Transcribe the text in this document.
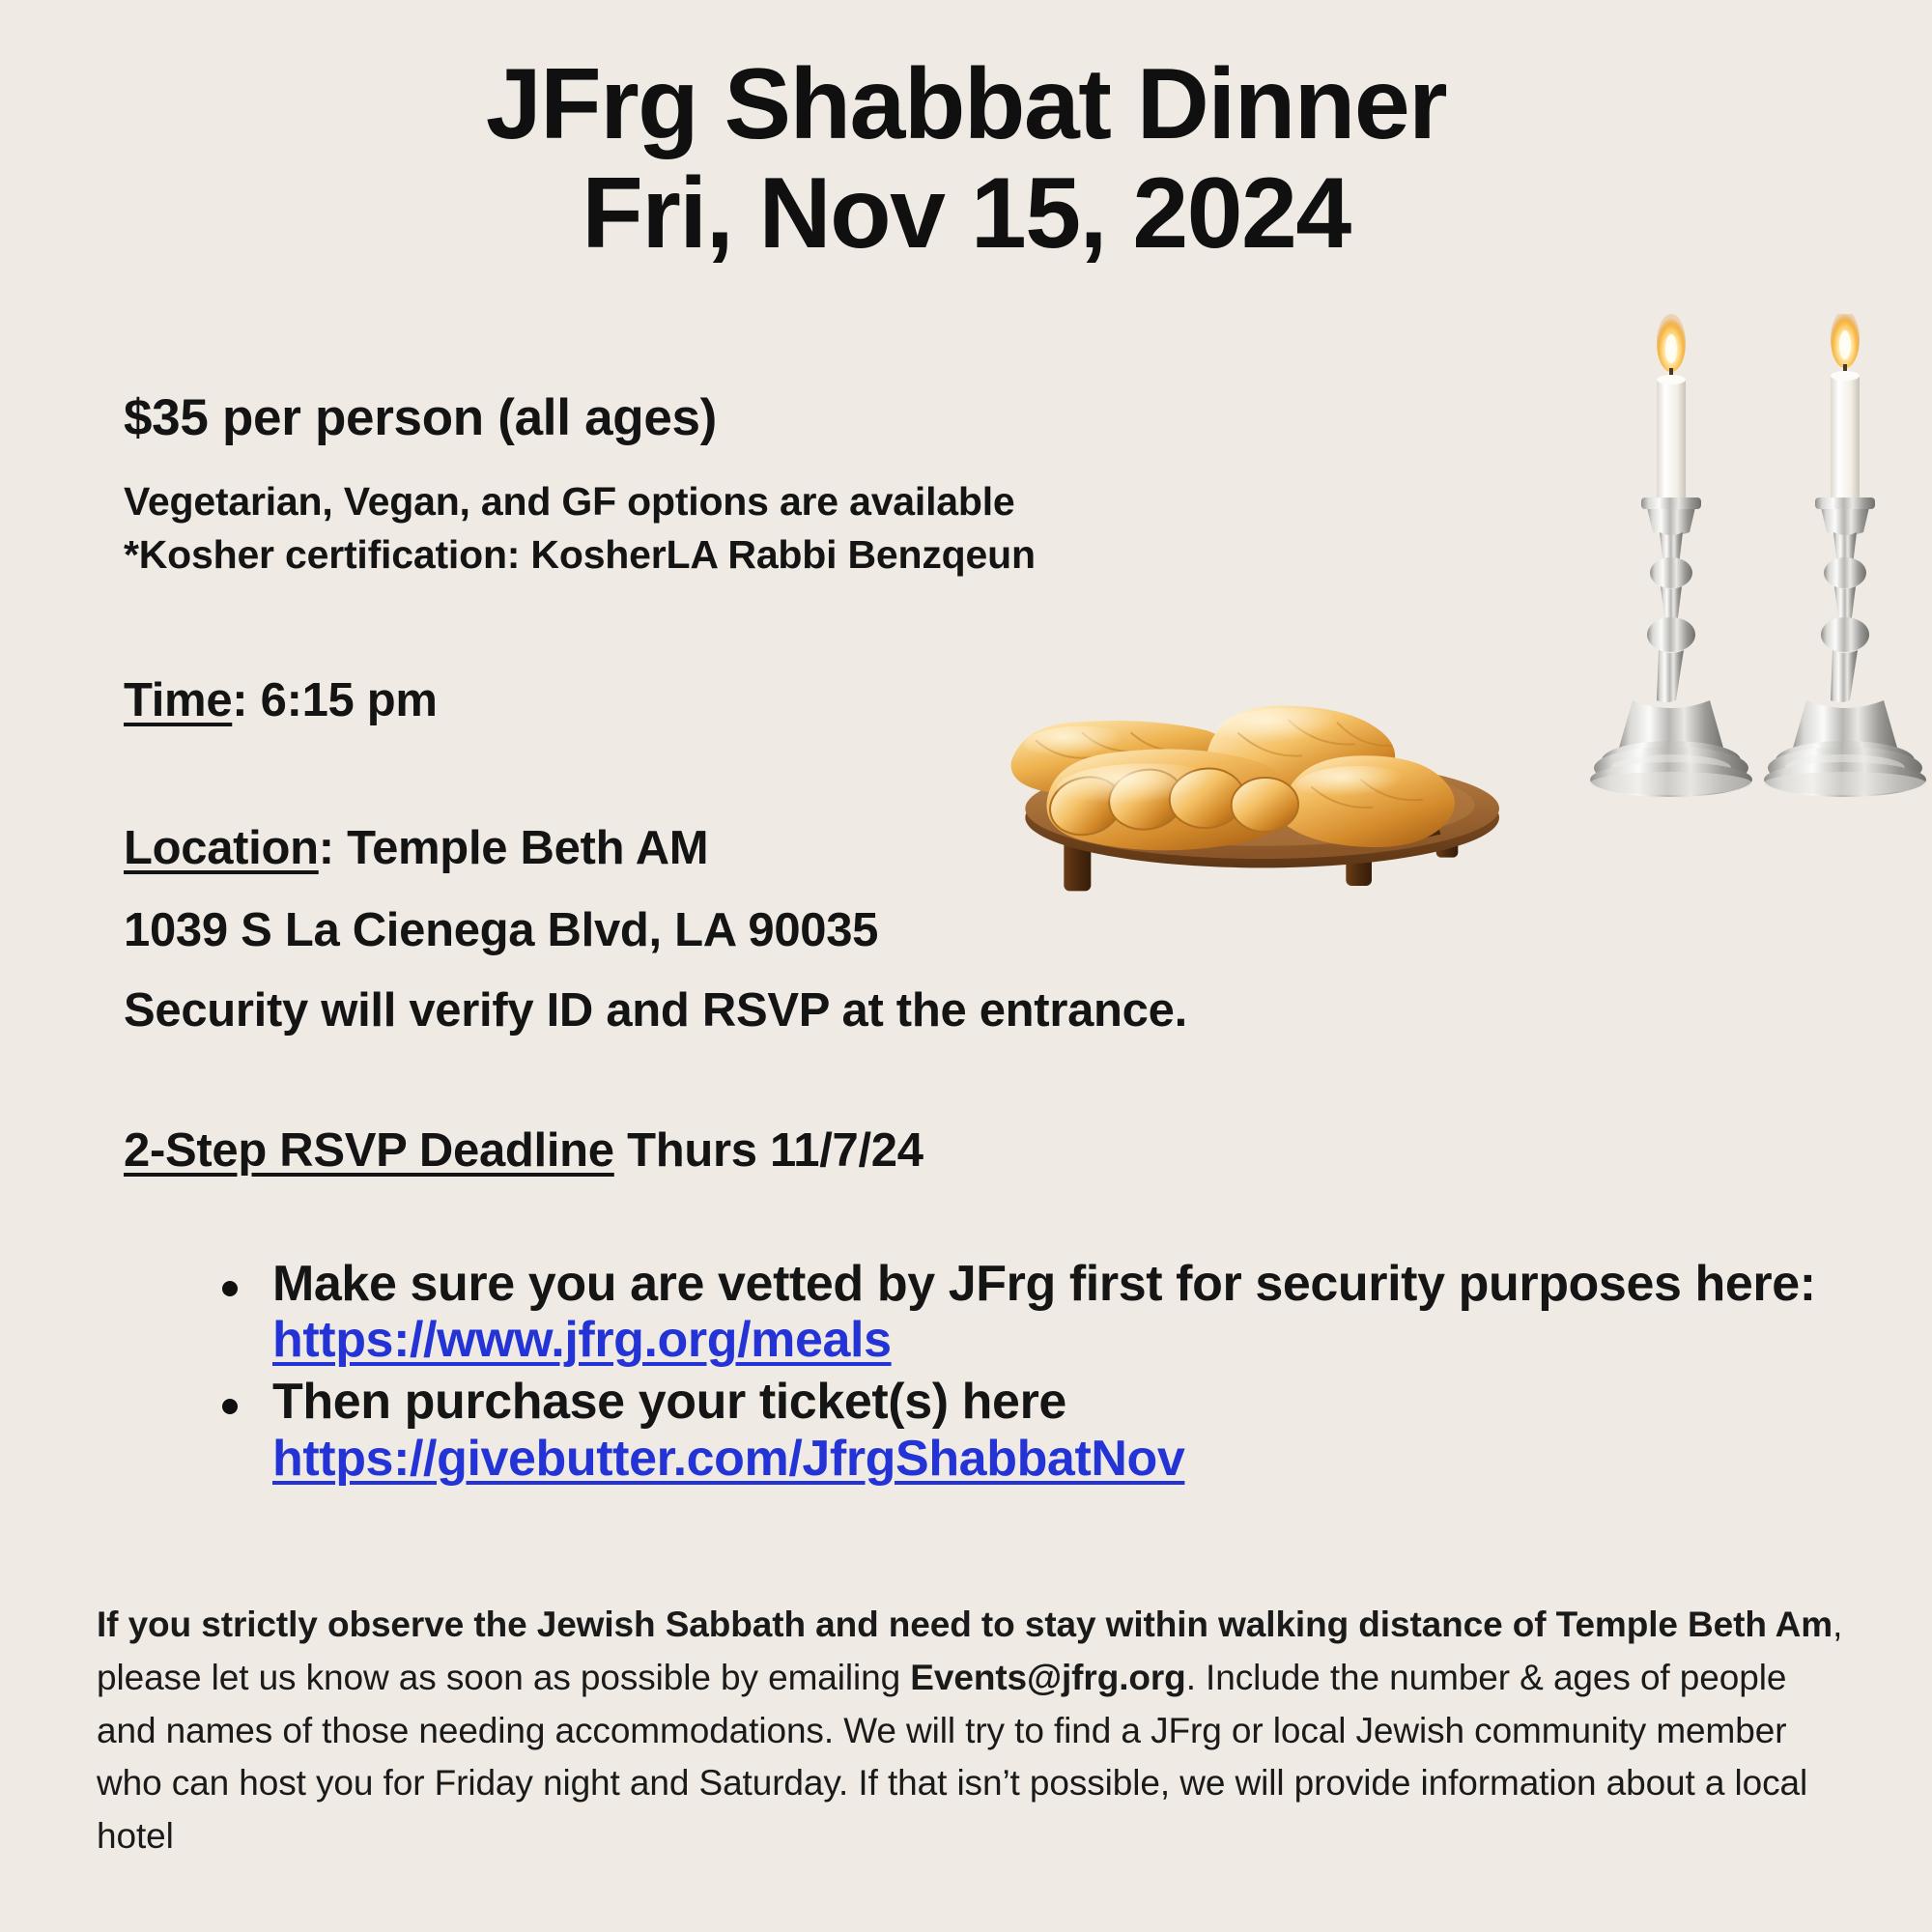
JFrg Shabbat Dinner
Fri, Nov 15, 2024
$35 per person (all ages)
Vegetarian, Vegan, and GF options are available
*Kosher certification: KosherLA Rabbi Benzqeun
Time: 6:15 pm
Location: Temple Beth AM
1039 S La Cienega Blvd, LA 90035
Security will verify ID and RSVP at the entrance.
2-Step RSVP Deadline Thurs 11/7/24
Make sure you are vetted by JFrg first for security purposes here: https://www.jfrg.org/meals
Then purchase your ticket(s) here https://givebutter.com/JfrgShabbatNov
If you strictly observe the Jewish Sabbath and need to stay within walking distance of Temple Beth Am, please let us know as soon as possible by emailing Events@jfrg.org. Include the number & ages of people and names of those needing accommodations. We will try to find a JFrg or local Jewish community member who can host you for Friday night and Saturday. If that isn’t possible, we will provide information about a local hotel
